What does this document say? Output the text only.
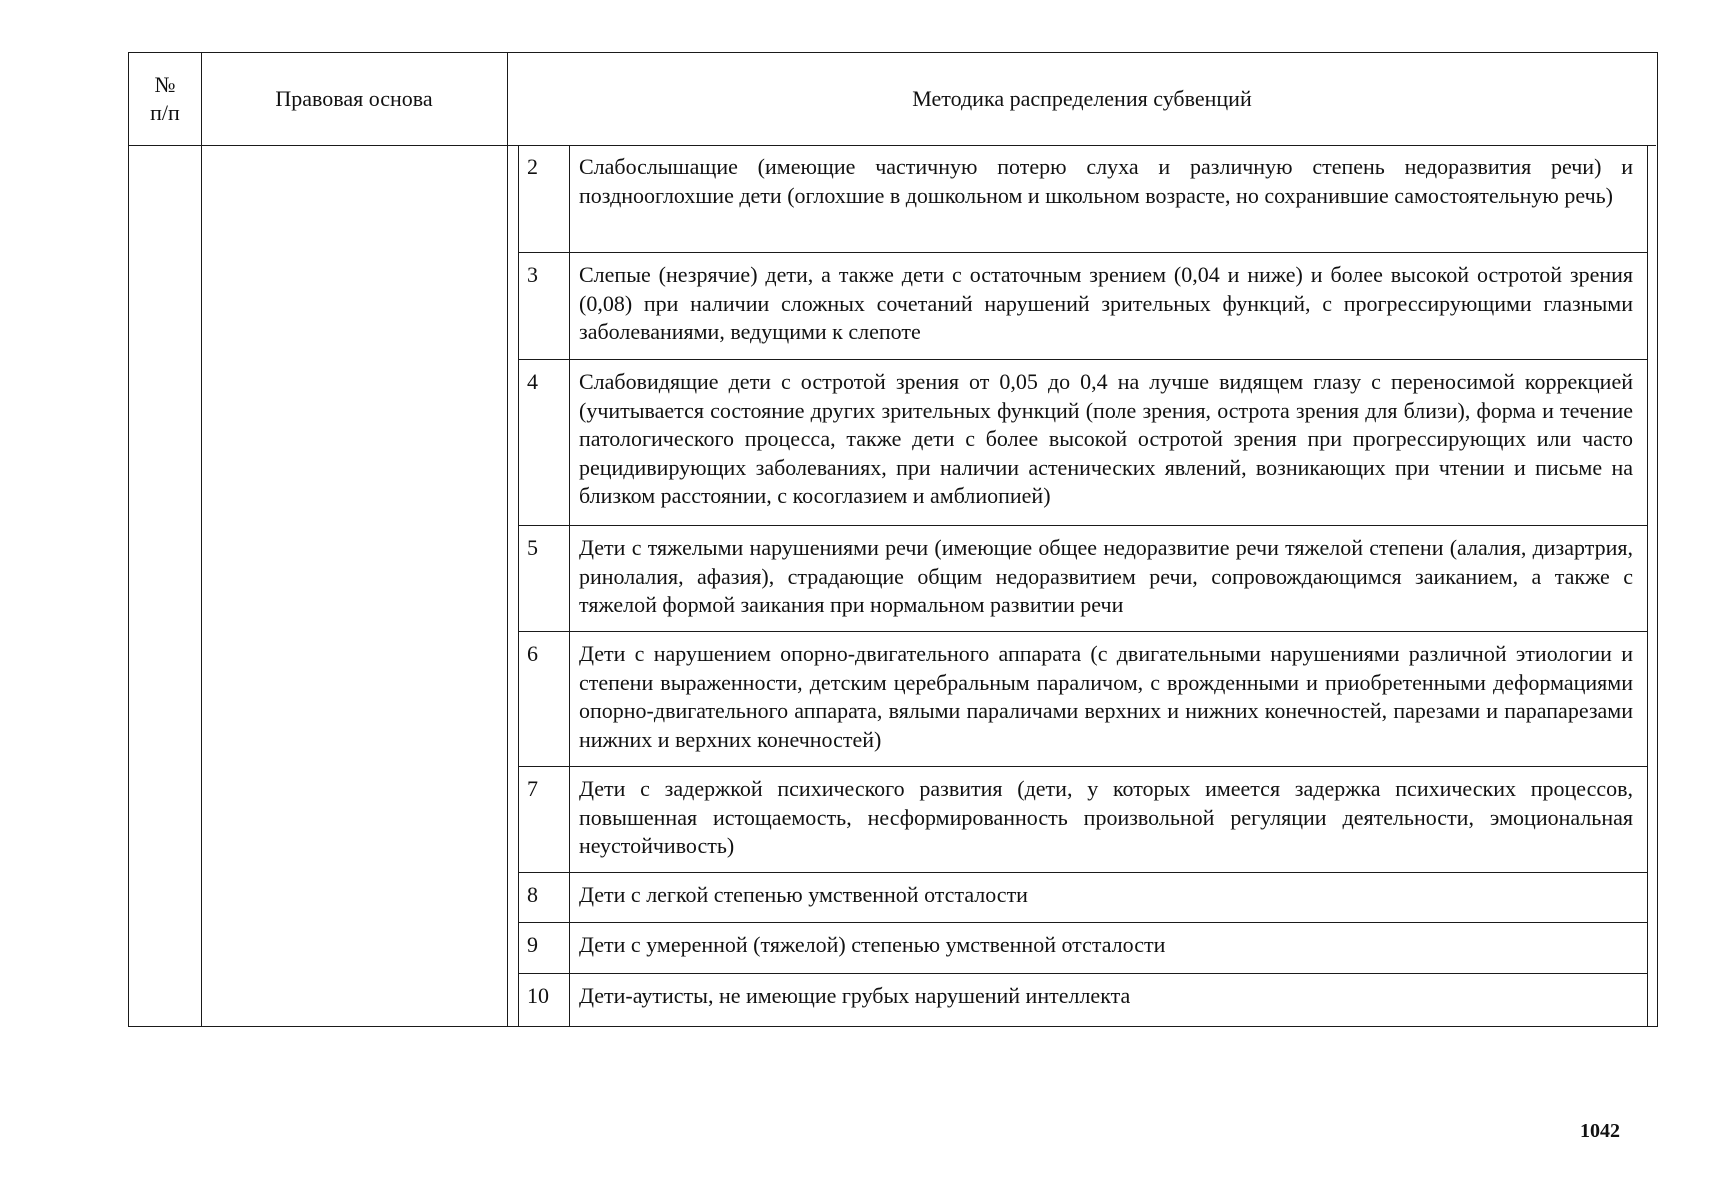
№
п/п
Правовая основа	Методика распределения субвенций
2 Слабослышащие (имеющие частичную потерю слуха и различную степень недоразвития речи) и позднооглохшие дети (оглохшие в дошкольном и школьном возрасте, но сохранившие самостоятельную речь)
3 Слепые (незрячие) дети, а также дети с остаточным зрением (0,04 и ниже) и более высокой остротой зрения (0,08) при наличии сложных сочетаний нарушений зрительных функций, с прогрессирующими глазными заболеваниями, ведущими к слепоте
4 Слабовидящие дети с остротой зрения от 0,05 до 0,4 на лучше видящем глазу с переносимой коррекцией (учитывается состояние других зрительных функций (поле зрения, острота зрения для близи), форма и течение патологического процесса, также дети с более высокой остротой зрения при прогрессирующих или часто рецидивирующих заболеваниях, при наличии астенических явлений, возникающих при чтении и письме на близком расстоянии, с косоглазием и амблиопией)
5 Дети с тяжелыми нарушениями речи (имеющие общее недоразвитие речи тяжелой степени (алалия, дизартрия, ринолалия, афазия), страдающие общим недоразвитием речи, сопровождающимся заиканием, а также с тяжелой формой заикания при нормальном развитии речи
6 Дети с нарушением опорно-двигательного аппарата (с двигательными нарушениями различной этиологии и степени выраженности, детским церебральным параличом, с врожденными и приобретенными деформациями опорно-двигательного аппарата, вялыми параличами верхних и нижних конечностей, парезами и парапарезами нижних и верхних конечностей)
7 Дети с задержкой психического развития (дети, у которых имеется задержка психических процессов, повышенная истощаемость, несформированность произвольной регуляции деятельности, эмоциональная неустойчивость)
8 Дети с легкой степенью умственной отсталости
9 Дети с умеренной (тяжелой) степенью умственной отсталости
10 Дети-аутисты, не имеющие грубых нарушений интеллекта
1042
